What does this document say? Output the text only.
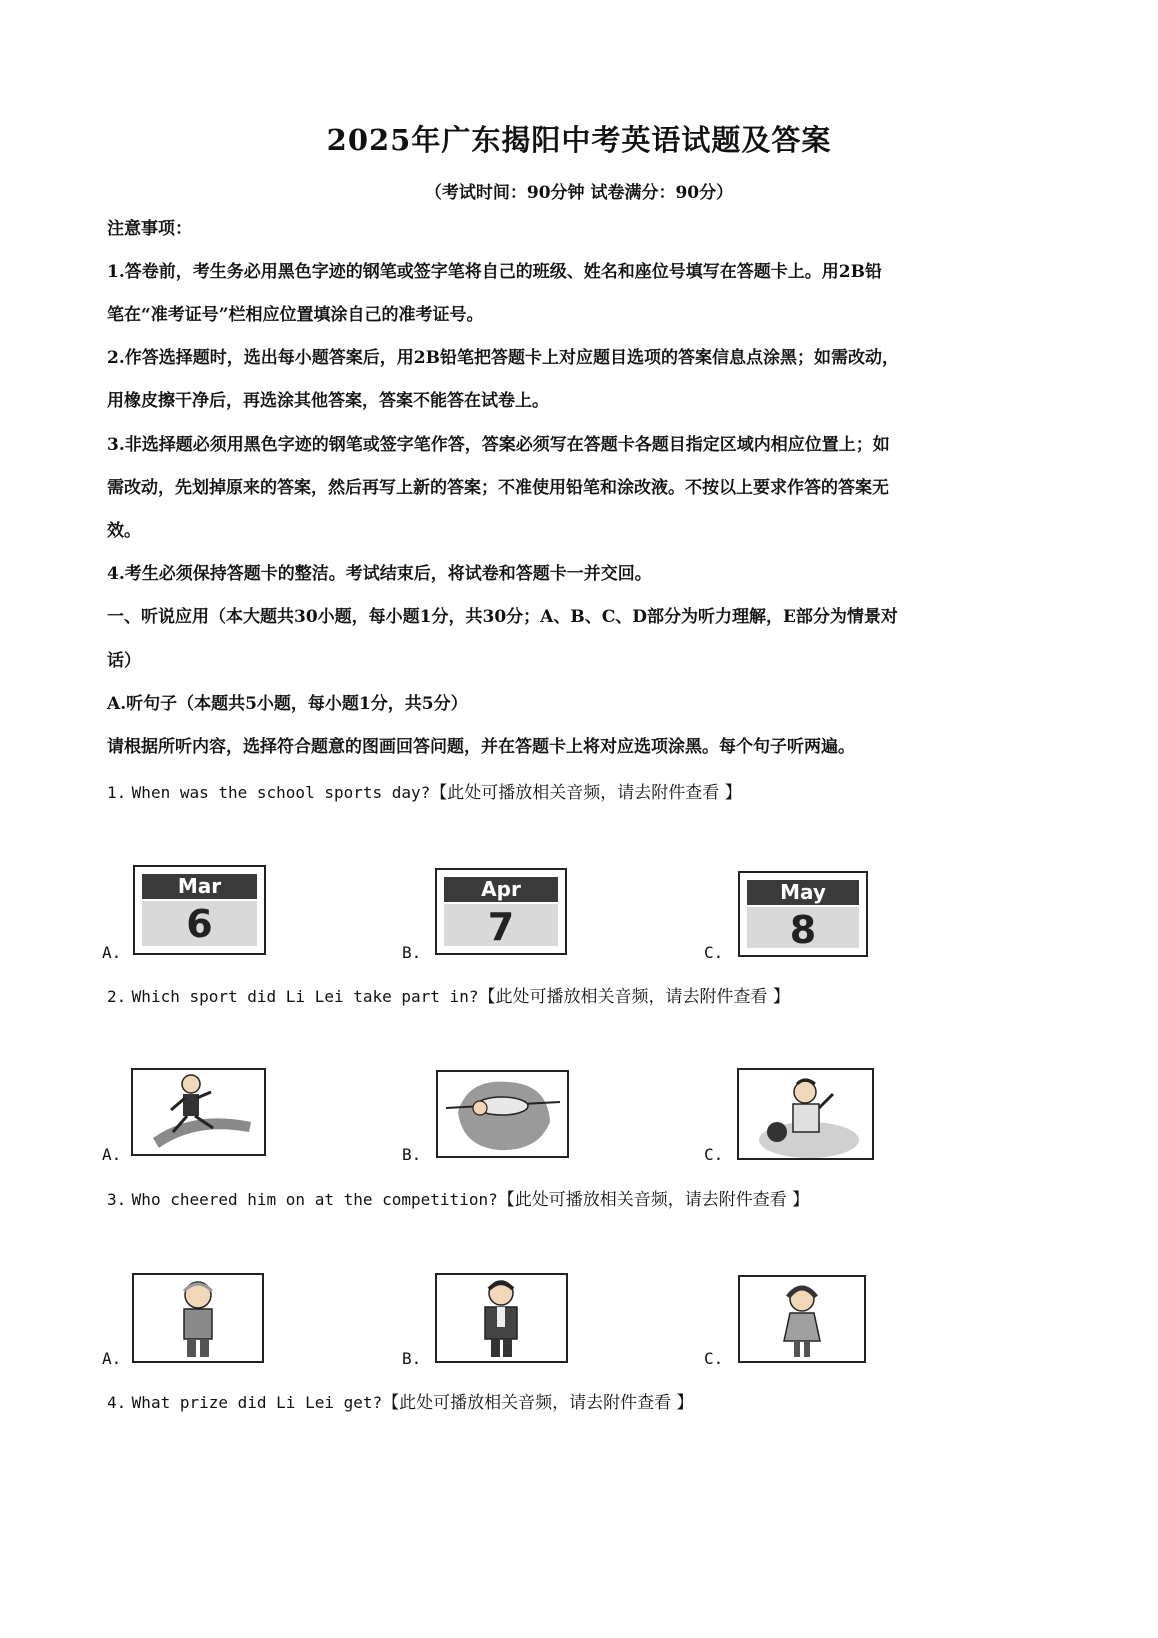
2025年广东揭阳中考英语试题及答案
（考试时间：90分钟 试卷满分：90分）
注意事项：
1.答卷前，考生务必用黑色字迹的钢笔或签字笔将自己的班级、姓名和座位号填写在答题卡上。用2B铅
笔在“准考证号”栏相应位置填涂自己的准考证号。
2.作答选择题时，选出每小题答案后，用2B铅笔把答题卡上对应题目选项的答案信息点涂黑；如需改动，
用橡皮擦干净后，再选涂其他答案，答案不能答在试卷上。
3.非选择题必须用黑色字迹的钢笔或签字笔作答，答案必须写在答题卡各题目指定区域内相应位置上；如
需改动，先划掉原来的答案，然后再写上新的答案；不准使用铅笔和涂改液。不按以上要求作答的答案无
效。
4.考生必须保持答题卡的整洁。考试结束后，将试卷和答题卡一并交回。
一、听说应用（本大题共30小题，每小题1分，共30分；A、B、C、D部分为听力理解，E部分为情景对
话）
A.听句子（本题共5小题，每小题1分，共5分）
请根据所听内容，选择符合题意的图画回答问题，并在答题卡上将对应选项涂黑。每个句子听两遍。
1. When was the school sports day?【此处可播放相关音频，请去附件查看 】
A.
Mar
6
B.
Apr
7
C.
May
8
2. Which sport did Li Lei take part in?【此处可播放相关音频，请去附件查看 】
A.	B.	C.
3. Who cheered him on at the competition?【此处可播放相关音频，请去附件查看 】
A.	B.	C.
4. What prize did Li Lei get?【此处可播放相关音频，请去附件查看 】
